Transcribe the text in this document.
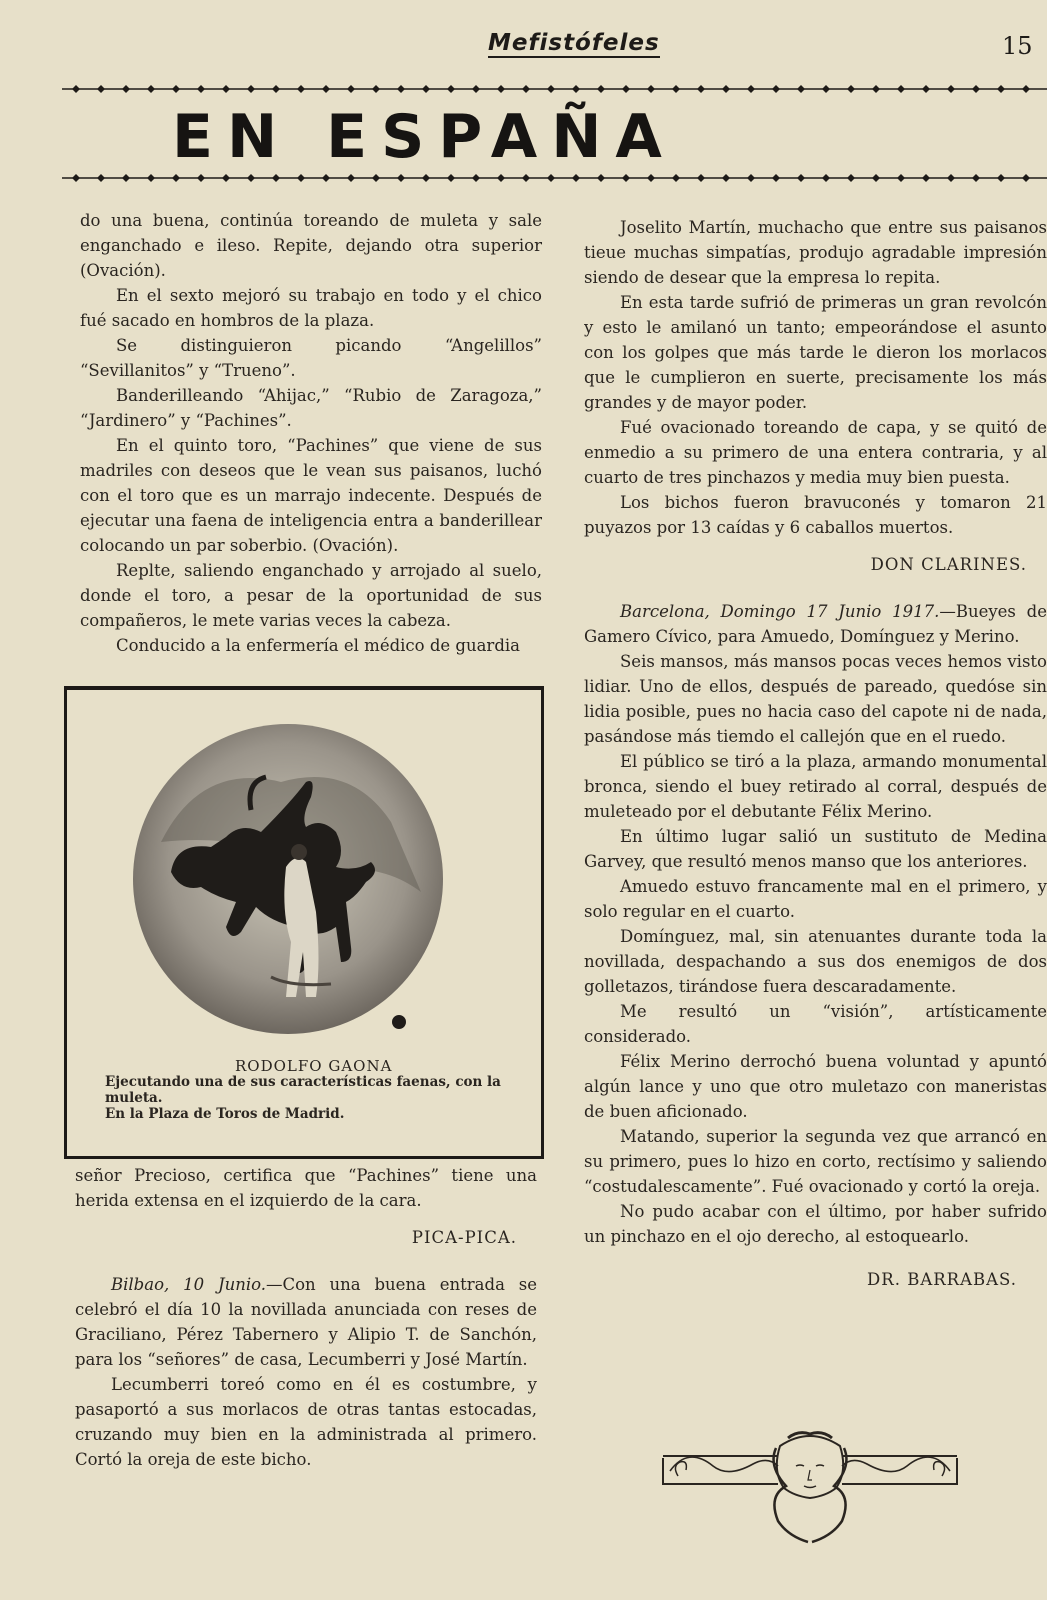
Mefistófeles	15
EN ESPAÑA

do una buena, continúa toreando de muleta y sale enganchado e ileso. Repite, dejando otra superior (Ovación).

En el sexto mejoró su trabajo en todo y el chico fué sacado en hombros de la plaza.

Se distinguieron picando “Angelillos” “Sevillanitos” y “Trueno”.

Banderilleando “Ahijac,” “Rubio de Zaragoza,” “Jardinero” y “Pachines”.

En el quinto toro, “Pachines” que viene de sus madriles con deseos que le vean sus paisanos, luchó con el toro que es un marrajo indecente. Después de ejecutar una faena de inteligencia entra a banderillear colocando un par soberbio. (Ovación).

Replte, saliendo enganchado y arrojado al suelo, donde el toro, a pesar de la oportunidad de sus compañeros, le mete varias veces la cabeza.

Conducido a la enfermería el médico de guardia

RODOLFO GAONA
Ejecutando una de sus características faenas, con la muleta.
En la Plaza de Toros de Madrid.

señor Precioso, certifica que “Pachines” tiene una herida extensa en el izquierdo de la cara.

PICA-PICA.

Bilbao, 10 Junio.—Con una buena entrada se celebró el día 10 la novillada anunciada con reses de Graciliano, Pérez Tabernero y Alipio T. de Sanchón, para los “señores” de casa, Lecumberri y José Martín.

Lecumberri toreó como en él es costumbre, y pasaportó a sus morlacos de otras tantas estocadas, cruzando muy bien en la administrada al primero. Cortó la oreja de este bicho.

Joselito Martín, muchacho que entre sus paisanos tieue muchas simpatías, produjo agradable impresión siendo de desear que la empresa lo repita.

En esta tarde sufrió de primeras un gran revolcón y esto le amilanó un tanto; empeorándose el asunto con los golpes que más tarde le dieron los morlacos que le cumplieron en suerte, precisamente los más grandes y de mayor poder.

Fué ovacionado toreando de capa, y se quitó de enmedio a su primero de una entera contraria, y al cuarto de tres pinchazos y media muy bien puesta.

Los bichos fueron bravuconés y tomaron 21 puyazos por 13 caídas y 6 caballos muertos.

DON CLARINES.

Barcelona, Domingo 17 Junio 1917.—Bueyes de Gamero Cívico, para Amuedo, Domínguez y Merino.

Seis mansos, más mansos pocas veces hemos visto lidiar. Uno de ellos, después de pareado, quedóse sin lidia posible, pues no hacia caso del capote ni de nada, pasándose más tiemdo el callejón que en el ruedo.

El público se tiró a la plaza, armando monumental bronca, siendo el buey retirado al corral, después de muleteado por el debutante Félix Merino.

En último lugar salió un sustituto de Medina Garvey, que resultó menos manso que los anteriores.

Amuedo estuvo francamente mal en el primero, y solo regular en el cuarto.

Domínguez, mal, sin atenuantes durante toda la novillada, despachando a sus dos enemigos de dos golletazos, tirándose fuera descaradamente.

Me resultó un “visión”, artísticamente considerado.

Félix Merino derrochó buena voluntad y apuntó algún lance y uno que otro muletazo con maneristas de buen aficionado.

Matando, superior la segunda vez que arrancó en su primero, pues lo hizo en corto, rectísimo y saliendo “costudalescamente”. Fué ovacionado y cortó la oreja.

No pudo acabar con el último, por haber sufrido un pinchazo en el ojo derecho, al estoquearlo.

DR. BARRABAS.
